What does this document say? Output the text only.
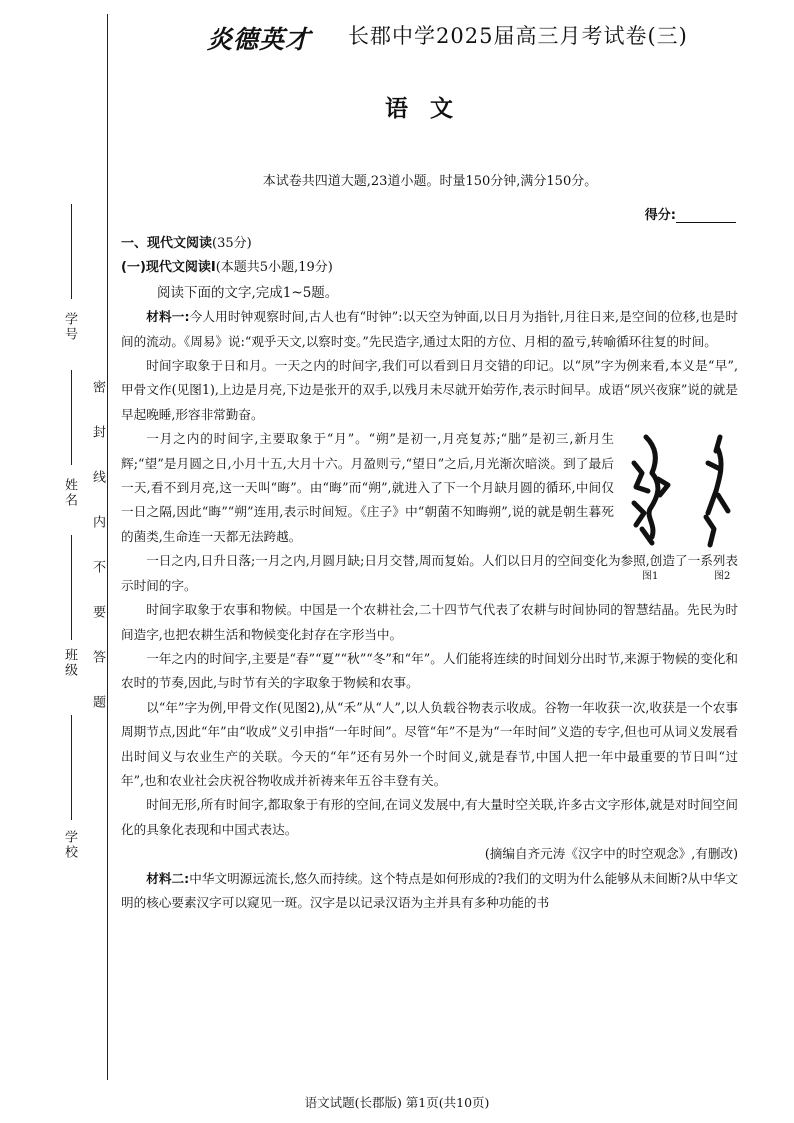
学号
姓名
班级
学校
密封线内不要答题
炎德英才 长郡中学2025届高三月考试卷(三)
语文
本试卷共四道大题,23道小题。时量150分钟,满分150分。
得分:
一、现代文阅读(35分)
(一)现代文阅读Ⅰ(本题共5小题,19分)
阅读下面的文字,完成1~5题。

材料一:今人用时钟观察时间,古人也有“时钟”:以天空为钟面,以日月为指针,月往日来,是空间的位移,也是时间的流动。《周易》说:“观乎天文,以察时变。”先民造字,通过太阳的方位、月相的盈亏,转喻循环往复的时间。

时间字取象于日和月。一天之内的时间字,我们可以看到日月交错的印记。以“夙”字为例来看,本义是“早”,甲骨文作(见图1),上边是月亮,下边是张开的双手,以残月未尽就开始劳作,表示时间早。成语“夙兴夜寐”说的就是早起晚睡,形容非常勤奋。

一月之内的时间字,主要取象于“月”。“朔”是初一,月亮复苏;“朏”是初三,新月生辉;“望”是月圆之日,小月十五,大月十六。月盈则亏,“望日”之后,月光渐次暗淡。到了最后一天,看不到月亮,这一天叫“晦”。由“晦”而“朔”,就进入了下一个月缺月圆的循环,中间仅一日之隔,因此“晦”“朔”连用,表示时间短。《庄子》中“朝菌不知晦朔”,说的就是朝生暮死的菌类,生命连一天都无法跨越。

图1	图2

一日之内,日升日落;一月之内,月圆月缺;日月交替,周而复始。人们以日月的空间变化为参照,创造了一系列表示时间的字。

时间字取象于农事和物候。中国是一个农耕社会,二十四节气代表了农耕与时间协同的智慧结晶。先民为时间造字,也把农耕生活和物候变化封存在字形当中。

一年之内的时间字,主要是“春”“夏”“秋”“冬”和“年”。人们能将连续的时间划分出时节,来源于物候的变化和农时的节奏,因此,与时节有关的字取象于物候和农事。

以“年”字为例,甲骨文作(见图2),从“禾”从“人”,以人负载谷物表示收成。谷物一年收获一次,收获是一个农事周期节点,因此“年”由“收成”义引申指“一年时间”。尽管“年”不是为“一年时间”义造的专字,但也可从词义发展看出时间义与农业生产的关联。今天的“年”还有另外一个时间义,就是春节,中国人把一年中最重要的节日叫“过年”,也和农业社会庆祝谷物收成并祈祷来年五谷丰登有关。

时间无形,所有时间字,都取象于有形的空间,在词义发展中,有大量时空关联,许多古文字形体,就是对时间空间化的具象化表现和中国式表达。

(摘编自齐元涛《汉字中的时空观念》,有删改)

材料二:中华文明源远流长,悠久而持续。这个特点是如何形成的?我们的文明为什么能够从未间断?从中华文明的核心要素汉字可以窥见一斑。汉字是以记录汉语为主并具有多种功能的书

语文试题(长郡版) 第1页(共10页)
